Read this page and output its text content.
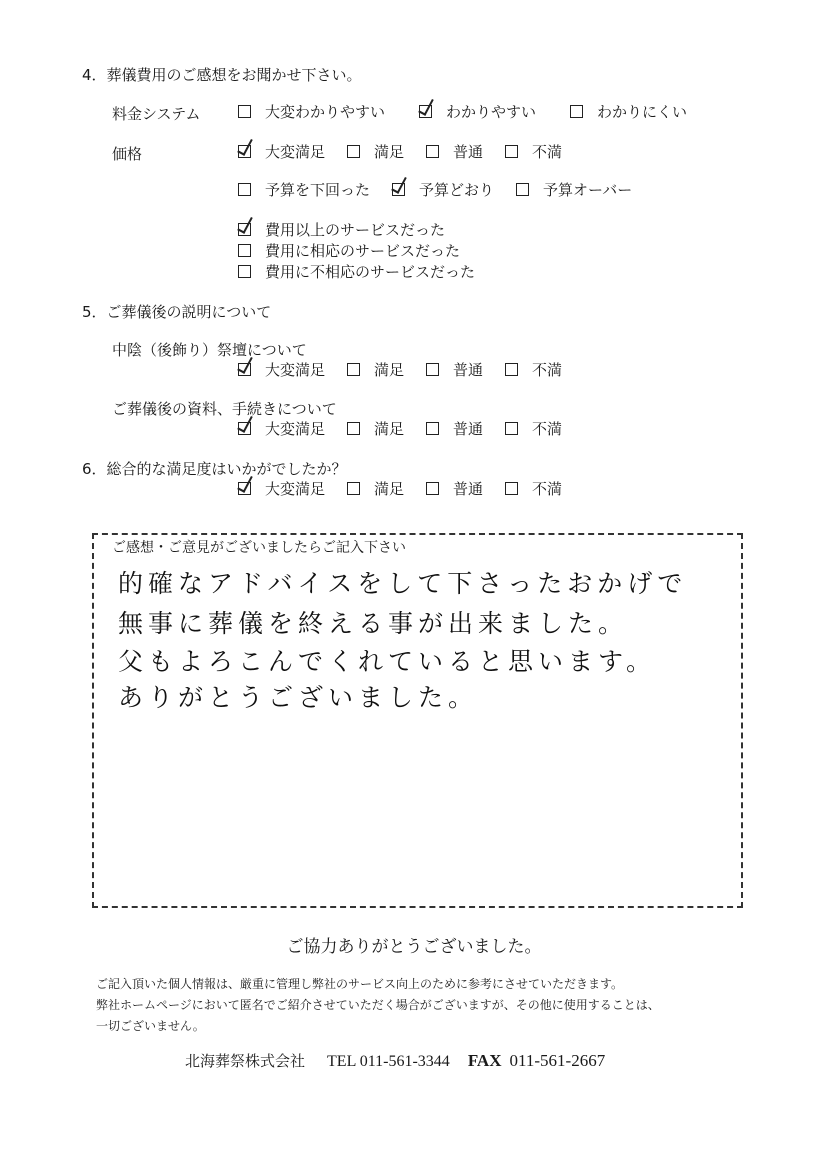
4．葬儀費用のご感想をお聞かせ下さい。
料金システム	大変わかりやすい	わかりやすい	わかりにくい
価格	大変満足	満足	普通	不満
予算を下回った	予算どおり	予算オーバー
費用以上のサービスだった
費用に相応のサービスだった
費用に不相応のサービスだった
5．ご葬儀後の説明について
中陰（後飾り）祭壇について
大変満足	満足	普通	不満
ご葬儀後の資料、手続きについて
大変満足	満足	普通	不満
6．総合的な満足度はいかがでしたか？
大変満足	満足	普通	不満
ご感想・ご意見がございましたらご記入下さい
的確なアドバイスをして下さったおかげで
無事に葬儀を終える事が出来ました。
父もよろこんでくれていると思います。
ありがとうございました。
ご協力ありがとうございました。
ご記入頂いた個人情報は、厳重に管理し弊社のサービス向上のために参考にさせていただきます。
弊社ホームページにおいて匿名でご紹介させていただく場合がございますが、その他に使用することは、
一切ございません。
北海葬祭株式会社 TEL 011-561-3344 FAX 011-561-2667
